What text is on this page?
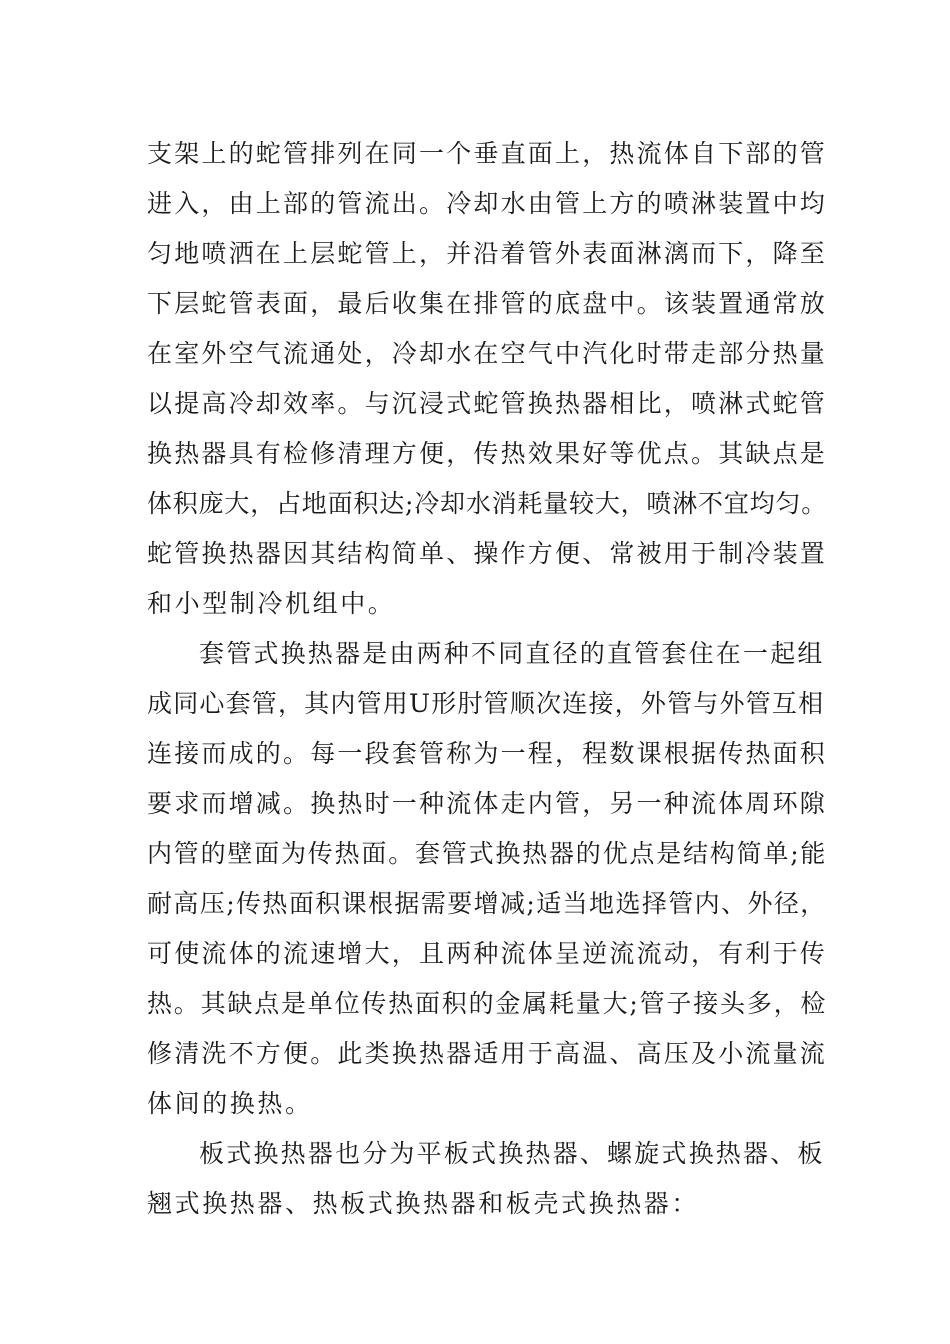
支架上的蛇管排列在同一个垂直面上，热流体自下部的管
进入，由上部的管流出。冷却水由管上方的喷淋装置中均
匀地喷洒在上层蛇管上，并沿着管外表面淋漓而下，降至
下层蛇管表面，最后收集在排管的底盘中。该装置通常放
在室外空气流通处，冷却水在空气中汽化时带走部分热量
以提高冷却效率。与沉浸式蛇管换热器相比，喷淋式蛇管
换热器具有检修清理方便，传热效果好等优点。其缺点是
体积庞大，占地面积达;冷却水消耗量较大，喷淋不宜均匀。
蛇管换热器因其结构简单、操作方便、常被用于制冷装置
和小型制冷机组中。
套管式换热器是由两种不同直径的直管套住在一起组
成同心套管，其内管用U形肘管顺次连接，外管与外管互相
连接而成的。每一段套管称为一程，程数课根据传热面积
要求而增减。换热时一种流体走内管，另一种流体周环隙
内管的壁面为传热面。套管式换热器的优点是结构简单;能
耐高压;传热面积课根据需要增减;适当地选择管内、外径，
可使流体的流速增大，且两种流体呈逆流流动，有利于传
热。其缺点是单位传热面积的金属耗量大;管子接头多，检
修清洗不方便。此类换热器适用于高温、高压及小流量流
体间的换热。
板式换热器也分为平板式换热器、螺旋式换热器、板
翘式换热器、热板式换热器和板壳式换热器：
